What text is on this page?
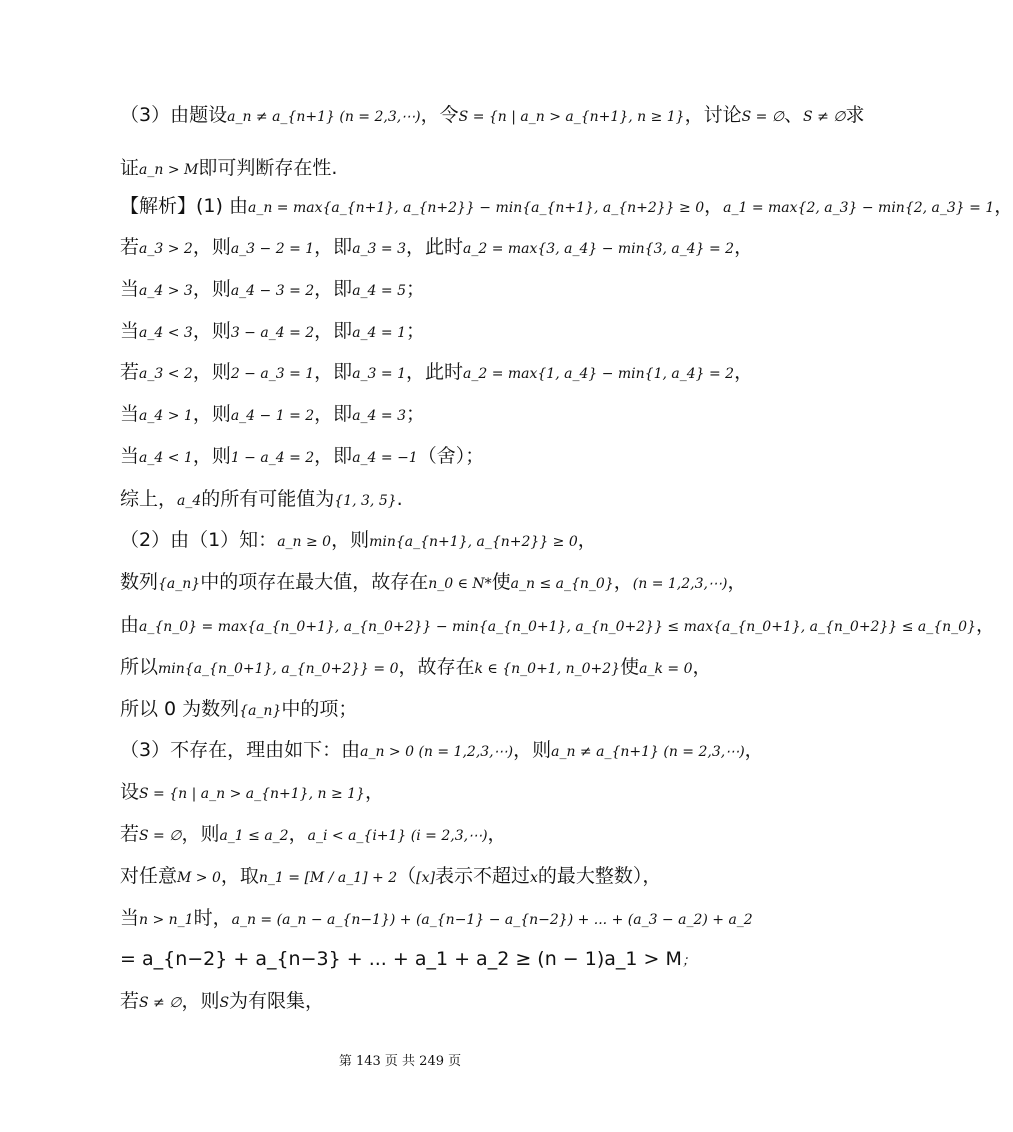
（3）由题设a_n ≠ a_{n+1} (n = 2,3,⋯)，令S = {n | a_n > a_{n+1}, n ≥ 1}，讨论S = ∅、S ≠ ∅求
证a_n > M即可判断存在性.
【解析】(1) 由a_n = max{a_{n+1}, a_{n+2}} − min{a_{n+1}, a_{n+2}} ≥ 0，a_1 = max{2, a_3} − min{2, a_3} = 1，
若a_3 > 2，则a_3 − 2 = 1，即a_3 = 3，此时a_2 = max{3, a_4} − min{3, a_4} = 2，
当a_4 > 3，则a_4 − 3 = 2，即a_4 = 5；
当a_4 < 3，则3 − a_4 = 2，即a_4 = 1；
若a_3 < 2，则2 − a_3 = 1，即a_3 = 1，此时a_2 = max{1, a_4} − min{1, a_4} = 2，
当a_4 > 1，则a_4 − 1 = 2，即a_4 = 3；
当a_4 < 1，则1 − a_4 = 2，即a_4 = −1（舍）；
综上，a_4的所有可能值为{1, 3, 5}.
（2）由（1）知：a_n ≥ 0，则min{a_{n+1}, a_{n+2}} ≥ 0，
数列{a_n}中的项存在最大值，故存在n_0 ∈ N*使a_n ≤ a_{n_0}，(n = 1,2,3,⋯)，
由a_{n_0} = max{a_{n_0+1}, a_{n_0+2}} − min{a_{n_0+1}, a_{n_0+2}} ≤ max{a_{n_0+1}, a_{n_0+2}} ≤ a_{n_0}，
所以min{a_{n_0+1}, a_{n_0+2}} = 0，故存在k ∈ {n_0+1, n_0+2}使a_k = 0，
所以 0 为数列{a_n}中的项；
（3）不存在，理由如下：由a_n > 0 (n = 1,2,3,⋯)，则a_n ≠ a_{n+1} (n = 2,3,⋯)，
设S = {n | a_n > a_{n+1}, n ≥ 1}，
若S = ∅，则a_1 ≤ a_2，a_i < a_{i+1} (i = 2,3,⋯)，
对任意M > 0，取n_1 = [M / a_1] + 2（[x]表示不超过x的最大整数），
当n > n_1时，a_n = (a_n − a_{n−1}) + (a_{n−1} − a_{n−2}) + ... + (a_3 − a_2) + a_2
= a_{n−2} + a_{n−3} + ... + a_1 + a_2 ≥ (n − 1)a_1 > M；
若S ≠ ∅，则S为有限集，
第 143 页 共 249 页
